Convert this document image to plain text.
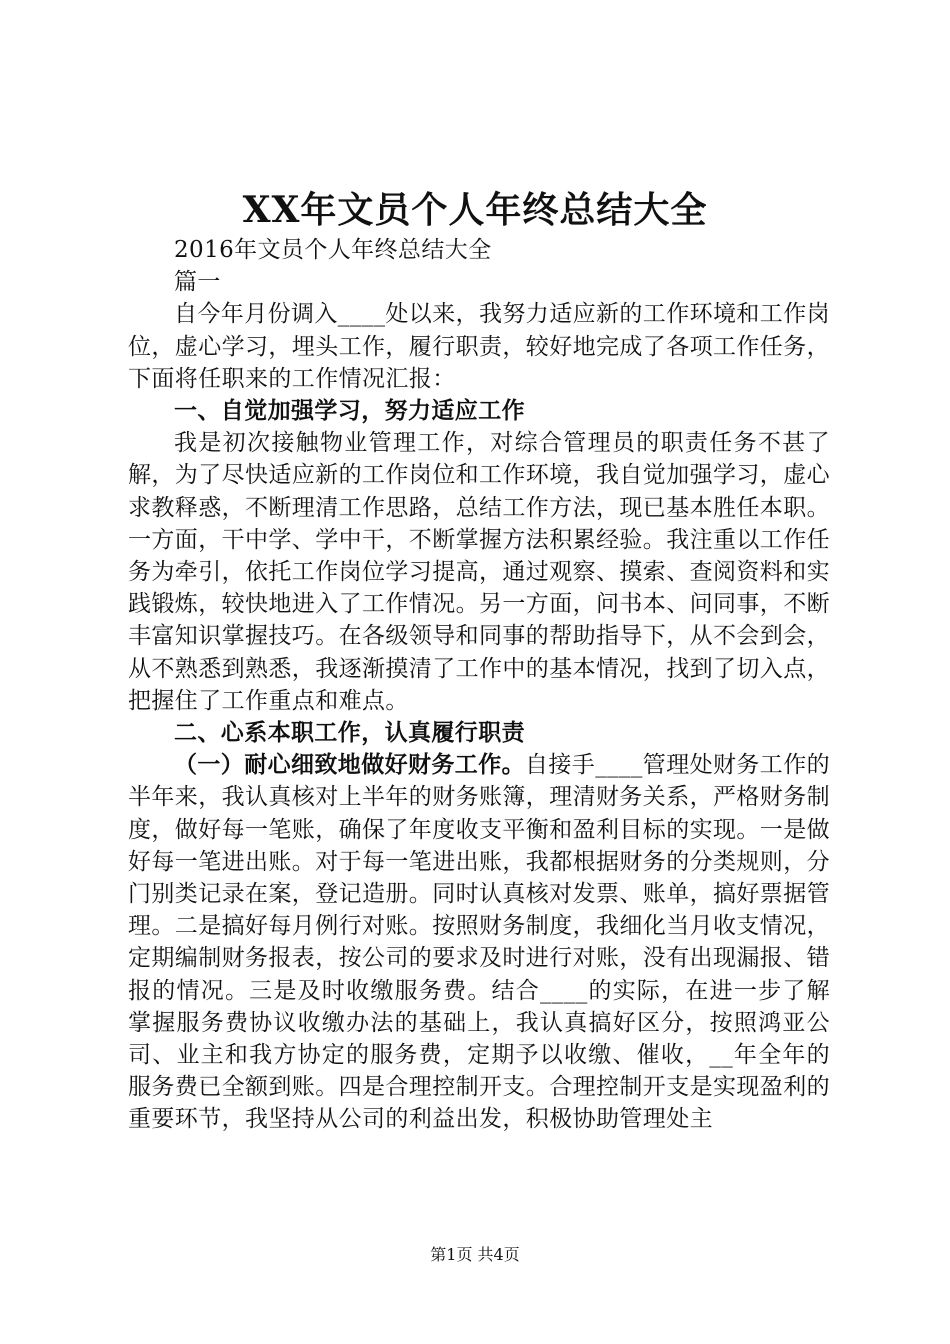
XX年文员个人年终总结大全

2016年文员个人年终总结大全

篇一

自今年月份调入____处以来，我努力适应新的工作环境和工作岗位，虚心学习，埋头工作，履行职责，较好地完成了各项工作任务，下面将任职来的工作情况汇报：

一、自觉加强学习，努力适应工作

我是初次接触物业管理工作，对综合管理员的职责任务不甚了解，为了尽快适应新的工作岗位和工作环境，我自觉加强学习，虚心求教释惑，不断理清工作思路，总结工作方法，现已基本胜任本职。一方面，干中学、学中干，不断掌握方法积累经验。我注重以工作任务为牵引，依托工作岗位学习提高，通过观察、摸索、查阅资料和实践锻炼，较快地进入了工作情况。另一方面，问书本、问同事，不断丰富知识掌握技巧。在各级领导和同事的帮助指导下，从不会到会，从不熟悉到熟悉，我逐渐摸清了工作中的基本情况，找到了切入点，把握住了工作重点和难点。

二、心系本职工作，认真履行职责

（一）耐心细致地做好财务工作。自接手____管理处财务工作的半年来，我认真核对上半年的财务账簿，理清财务关系，严格财务制度，做好每一笔账，确保了年度收支平衡和盈利目标的实现。一是做好每一笔进出账。对于每一笔进出账，我都根据财务的分类规则，分门别类记录在案，登记造册。同时认真核对发票、账单，搞好票据管理。二是搞好每月例行对账。按照财务制度，我细化当月收支情况，定期编制财务报表，按公司的要求及时进行对账，没有出现漏报、错报的情况。三是及时收缴服务费。结合____的实际，在进一步了解掌握服务费协议收缴办法的基础上，我认真搞好区分，按照鸿亚公司、业主和我方协定的服务费，定期予以收缴、催收，__年全年的服务费已全额到账。四是合理控制开支。合理控制开支是实现盈利的重要环节，我坚持从公司的利益出发，积极协助管理处主

第1页 共4页
